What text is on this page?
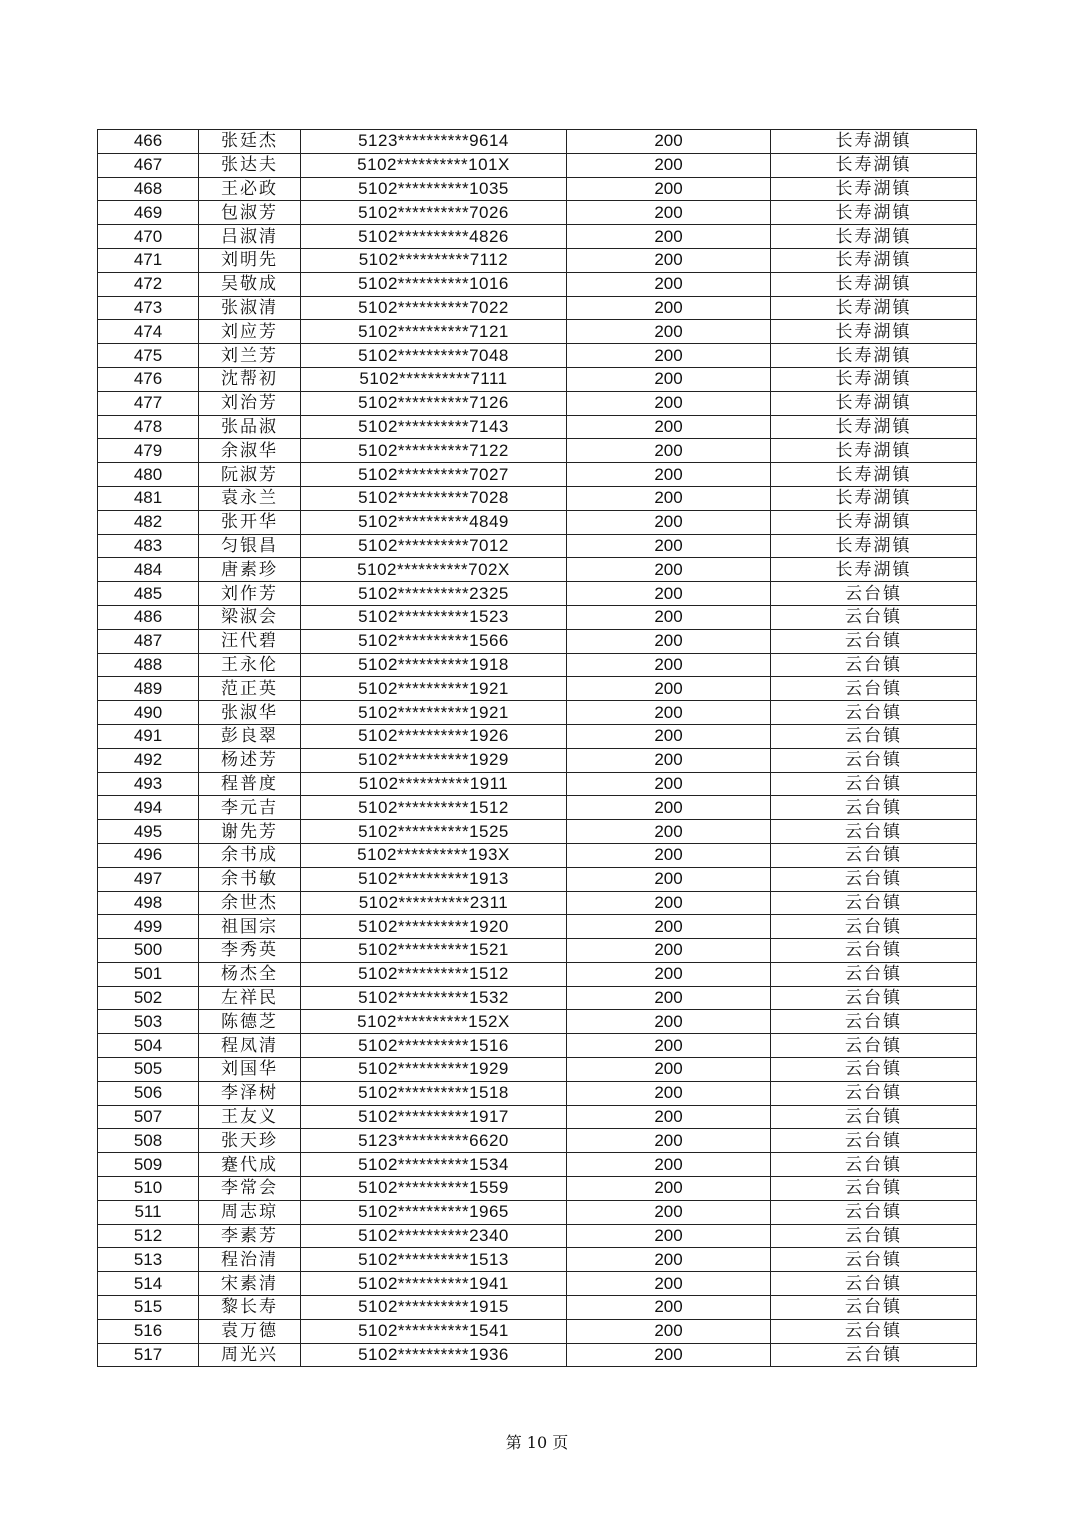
466	张廷杰	5123**********9614	200	长寿湖镇
467	张达夫	5102**********101X	200	长寿湖镇
468	王必政	5102**********1035	200	长寿湖镇
469	包淑芳	5102**********7026	200	长寿湖镇
470	吕淑清	5102**********4826	200	长寿湖镇
471	刘明先	5102**********7112	200	长寿湖镇
472	吴敬成	5102**********1016	200	长寿湖镇
473	张淑清	5102**********7022	200	长寿湖镇
474	刘应芳	5102**********7121	200	长寿湖镇
475	刘兰芳	5102**********7048	200	长寿湖镇
476	沈帮初	5102**********7111	200	长寿湖镇
477	刘治芳	5102**********7126	200	长寿湖镇
478	张品淑	5102**********7143	200	长寿湖镇
479	余淑华	5102**********7122	200	长寿湖镇
480	阮淑芳	5102**********7027	200	长寿湖镇
481	袁永兰	5102**********7028	200	长寿湖镇
482	张开华	5102**********4849	200	长寿湖镇
483	匀银昌	5102**********7012	200	长寿湖镇
484	唐素珍	5102**********702X	200	长寿湖镇
485	刘作芳	5102**********2325	200	云台镇
486	梁淑会	5102**********1523	200	云台镇
487	汪代碧	5102**********1566	200	云台镇
488	王永伦	5102**********1918	200	云台镇
489	范正英	5102**********1921	200	云台镇
490	张淑华	5102**********1921	200	云台镇
491	彭良翠	5102**********1926	200	云台镇
492	杨述芳	5102**********1929	200	云台镇
493	程普度	5102**********1911	200	云台镇
494	李元吉	5102**********1512	200	云台镇
495	谢先芳	5102**********1525	200	云台镇
496	余书成	5102**********193X	200	云台镇
497	余书敏	5102**********1913	200	云台镇
498	余世杰	5102**********2311	200	云台镇
499	祖国宗	5102**********1920	200	云台镇
500	李秀英	5102**********1521	200	云台镇
501	杨杰全	5102**********1512	200	云台镇
502	左祥民	5102**********1532	200	云台镇
503	陈德芝	5102**********152X	200	云台镇
504	程凤清	5102**********1516	200	云台镇
505	刘国华	5102**********1929	200	云台镇
506	李泽树	5102**********1518	200	云台镇
507	王友义	5102**********1917	200	云台镇
508	张天珍	5123**********6620	200	云台镇
509	蹇代成	5102**********1534	200	云台镇
510	李常会	5102**********1559	200	云台镇
511	周志琼	5102**********1965	200	云台镇
512	李素芳	5102**********2340	200	云台镇
513	程治清	5102**********1513	200	云台镇
514	宋素清	5102**********1941	200	云台镇
515	黎长寿	5102**********1915	200	云台镇
516	袁万德	5102**********1541	200	云台镇
517	周光兴	5102**********1936	200	云台镇
第 10 页
